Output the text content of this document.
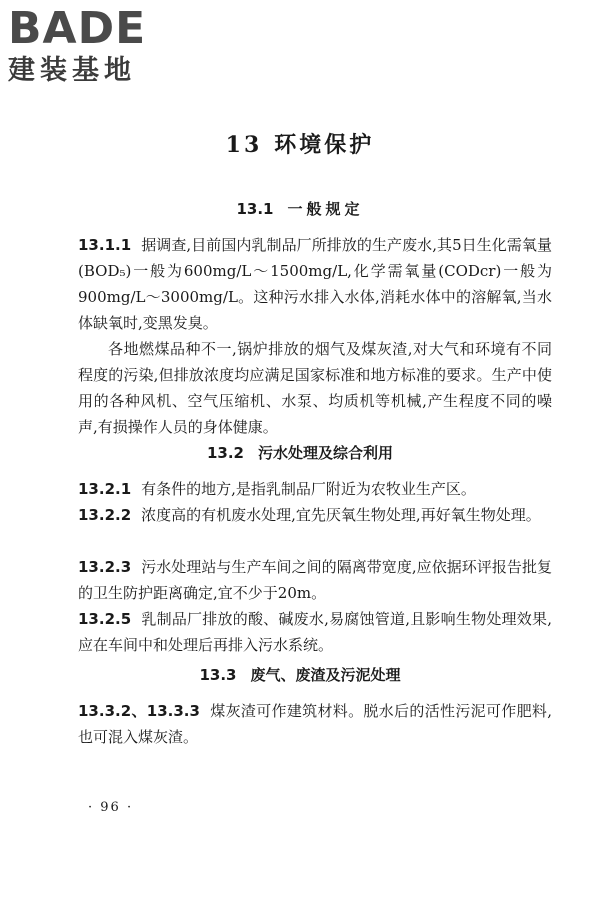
BADE
建装基地
13 环境保护
13.1 一般规定

13.1.1 据调查,目前国内乳制品厂所排放的生产废水,其5日生化需氧量(BOD₅)一般为600mg/L～1500mg/L,化学需氧量(CODcr)一般为900mg/L～3000mg/L。这种污水排入水体,消耗水体中的溶解氧,当水体缺氧时,变黑发臭。

各地燃煤品种不一,锅炉排放的烟气及煤灰渣,对大气和环境有不同程度的污染,但排放浓度均应满足国家标准和地方标准的要求。生产中使用的各种风机、空气压缩机、水泵、均质机等机械,产生程度不同的噪声,有损操作人员的身体健康。

13.2 污水处理及综合利用

13.2.1 有条件的地方,是指乳制品厂附近为农牧业生产区。

13.2.2 浓度高的有机废水处理,宜先厌氧生物处理,再好氧生物处理。

13.2.3 污水处理站与生产车间之间的隔离带宽度,应依据环评报告批复的卫生防护距离确定,宜不少于20m。

13.2.5 乳制品厂排放的酸、碱废水,易腐蚀管道,且影响生物处理效果,应在车间中和处理后再排入污水系统。

13.3 废气、废渣及污泥处理

13.3.2、13.3.3 煤灰渣可作建筑材料。脱水后的活性污泥可作肥料,也可混入煤灰渣。

· 96 ·
